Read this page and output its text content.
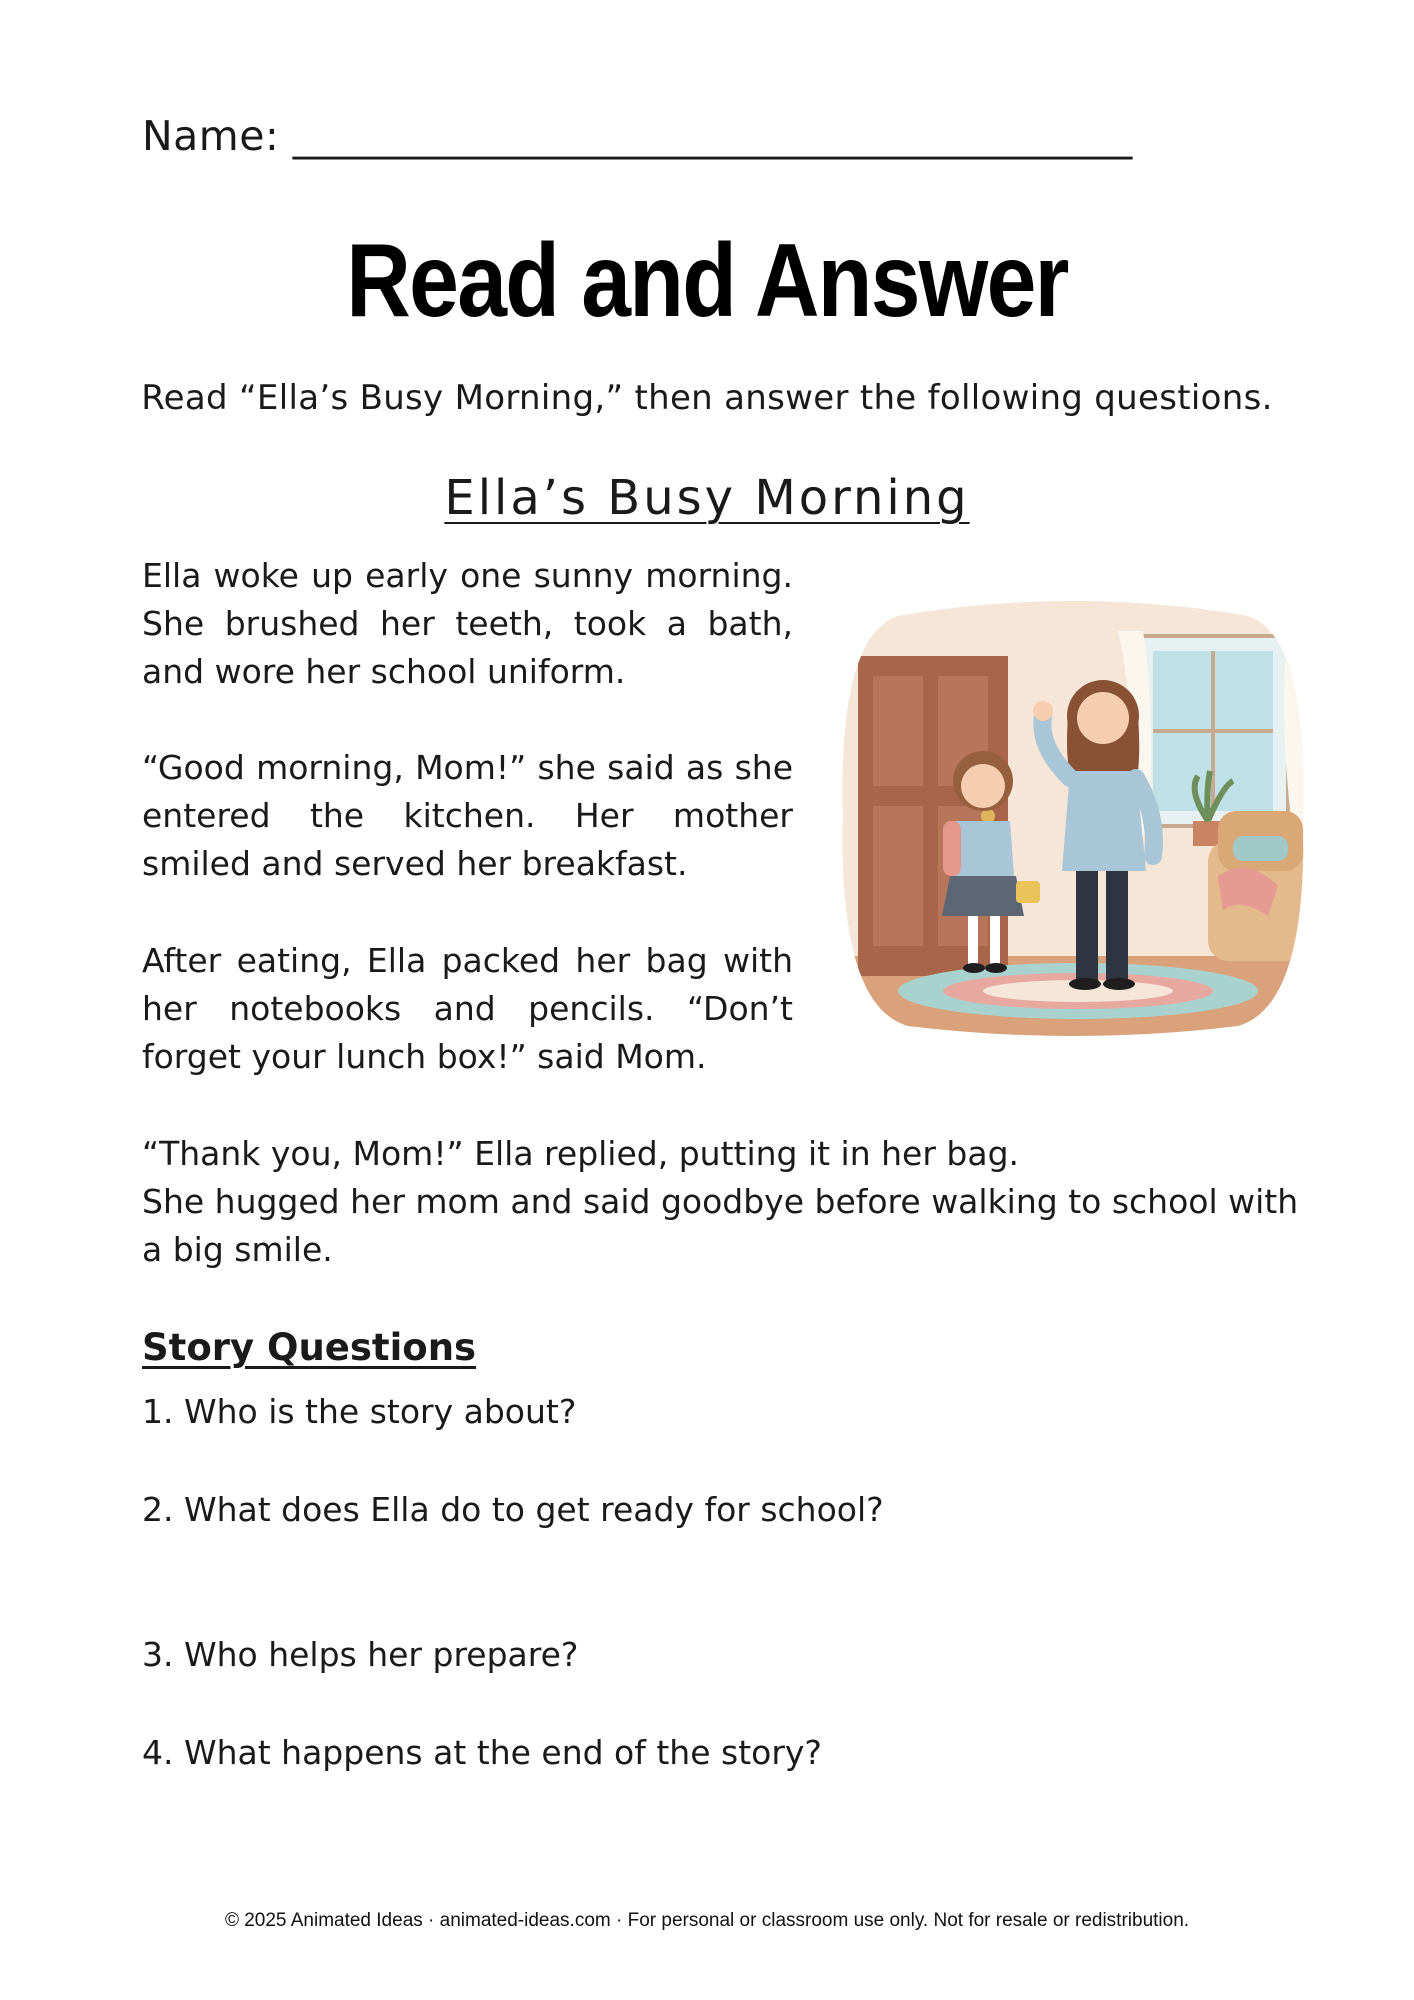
Name: ________________________________________
Read and Answer
Read “Ella’s Busy Morning,” then answer the following questions.
Ella’s Busy Morning

Ella woke up early one sunny morning. She brushed her teeth, took a bath, and wore her school uniform.

“Good morning, Mom!” she said as she entered the kitchen. Her mother smiled and served her breakfast.

After eating, Ella packed her bag with her notebooks and pencils. “Don’t forget your lunch box!” said Mom.

“Thank you, Mom!” Ella replied, putting it in her bag.

She hugged her mom and said goodbye before walking to school with a big smile.

Story Questions
1. Who is the story about?
2. What does Ella do to get ready for school?
3. Who helps her prepare?
4. What happens at the end of the story?
© 2025 Animated Ideas · animated-ideas.com · For personal or classroom use only. Not for resale or redistribution.
